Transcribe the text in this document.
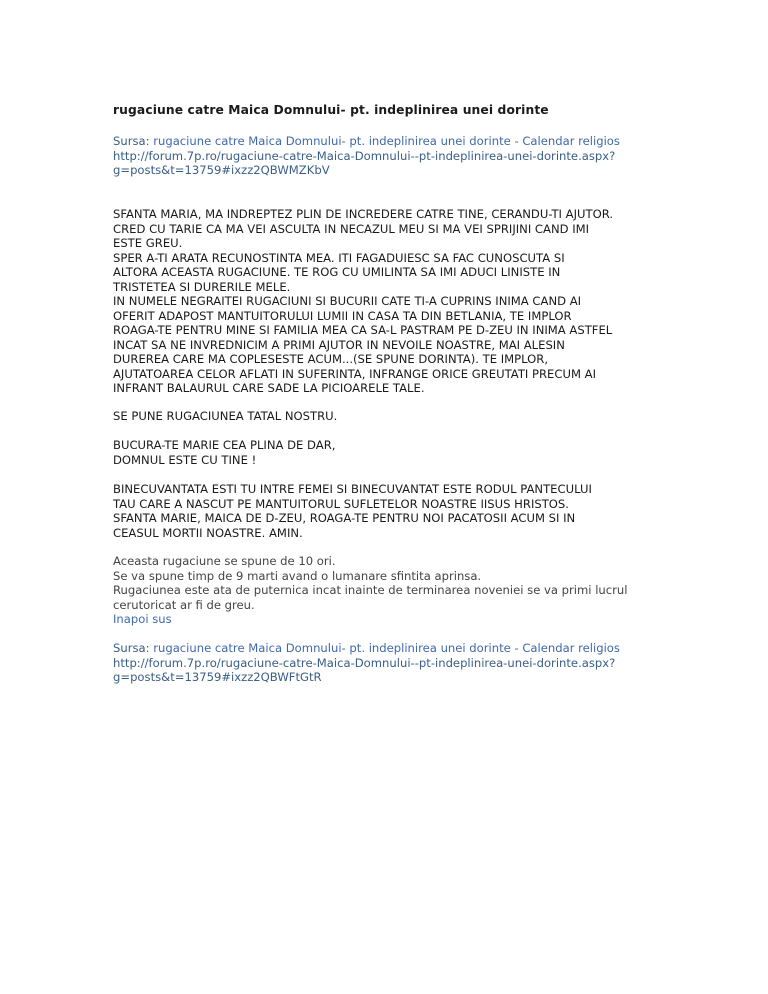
rugaciune catre Maica Domnului- pt. indeplinirea unei dorinte
Sursa: rugaciune catre Maica Domnului- pt. indeplinirea unei dorinte - Calendar religios
http://forum.7p.ro/rugaciune-catre-Maica-Domnului--pt-indeplinirea-unei-dorinte.aspx?
g=posts&t=13759#ixzz2QBWMZKbV
SFANTA MARIA, MA INDREPTEZ PLIN DE INCREDERE CATRE TINE, CERANDU-TI AJUTOR.
CRED CU TARIE CA MA VEI ASCULTA IN NECAZUL MEU SI MA VEI SPRIJINI CAND IMI
ESTE GREU.
SPER A-TI ARATA RECUNOSTINTA MEA. ITI FAGADUIESC SA FAC CUNOSCUTA SI
ALTORA ACEASTA RUGACIUNE. TE ROG CU UMILINTA SA IMI ADUCI LINISTE IN
TRISTETEA SI DURERILE MELE.
IN NUMELE NEGRAITEI RUGACIUNI SI BUCURII CATE TI-A CUPRINS INIMA CAND AI
OFERIT ADAPOST MANTUITORULUI LUMII IN CASA TA DIN BETLANIA, TE IMPLOR
ROAGA-TE PENTRU MINE SI FAMILIA MEA CA SA-L PASTRAM PE D-ZEU IN INIMA ASTFEL
INCAT SA NE INVREDNICIM A PRIMI AJUTOR IN NEVOILE NOASTRE, MAI ALESIN
DUREREA CARE MA COPLESESTE ACUM...(SE SPUNE DORINTA). TE IMPLOR,
AJUTATOAREA CELOR AFLATI IN SUFERINTA, INFRANGE ORICE GREUTATI PRECUM AI
INFRANT BALAURUL CARE SADE LA PICIOARELE TALE.
SE PUNE RUGACIUNEA TATAL NOSTRU.
BUCURA-TE MARIE CEA PLINA DE DAR,
DOMNUL ESTE CU TINE !
BINECUVANTATA ESTI TU INTRE FEMEI SI BINECUVANTAT ESTE RODUL PANTECULUI
TAU CARE A NASCUT PE MANTUITORUL SUFLETELOR NOASTRE IISUS HRISTOS.
SFANTA MARIE, MAICA DE D-ZEU, ROAGA-TE PENTRU NOI PACATOSII ACUM SI IN
CEASUL MORTII NOASTRE. AMIN.
Aceasta rugaciune se spune de 10 ori.
Se va spune timp de 9 marti avand o lumanare sfintita aprinsa.
Rugaciunea este ata de puternica incat inainte de terminarea noveniei se va primi lucrul
cerutoricat ar fi de greu.
Inapoi sus
Sursa: rugaciune catre Maica Domnului- pt. indeplinirea unei dorinte - Calendar religios
http://forum.7p.ro/rugaciune-catre-Maica-Domnului--pt-indeplinirea-unei-dorinte.aspx?
g=posts&t=13759#ixzz2QBWFtGtR
